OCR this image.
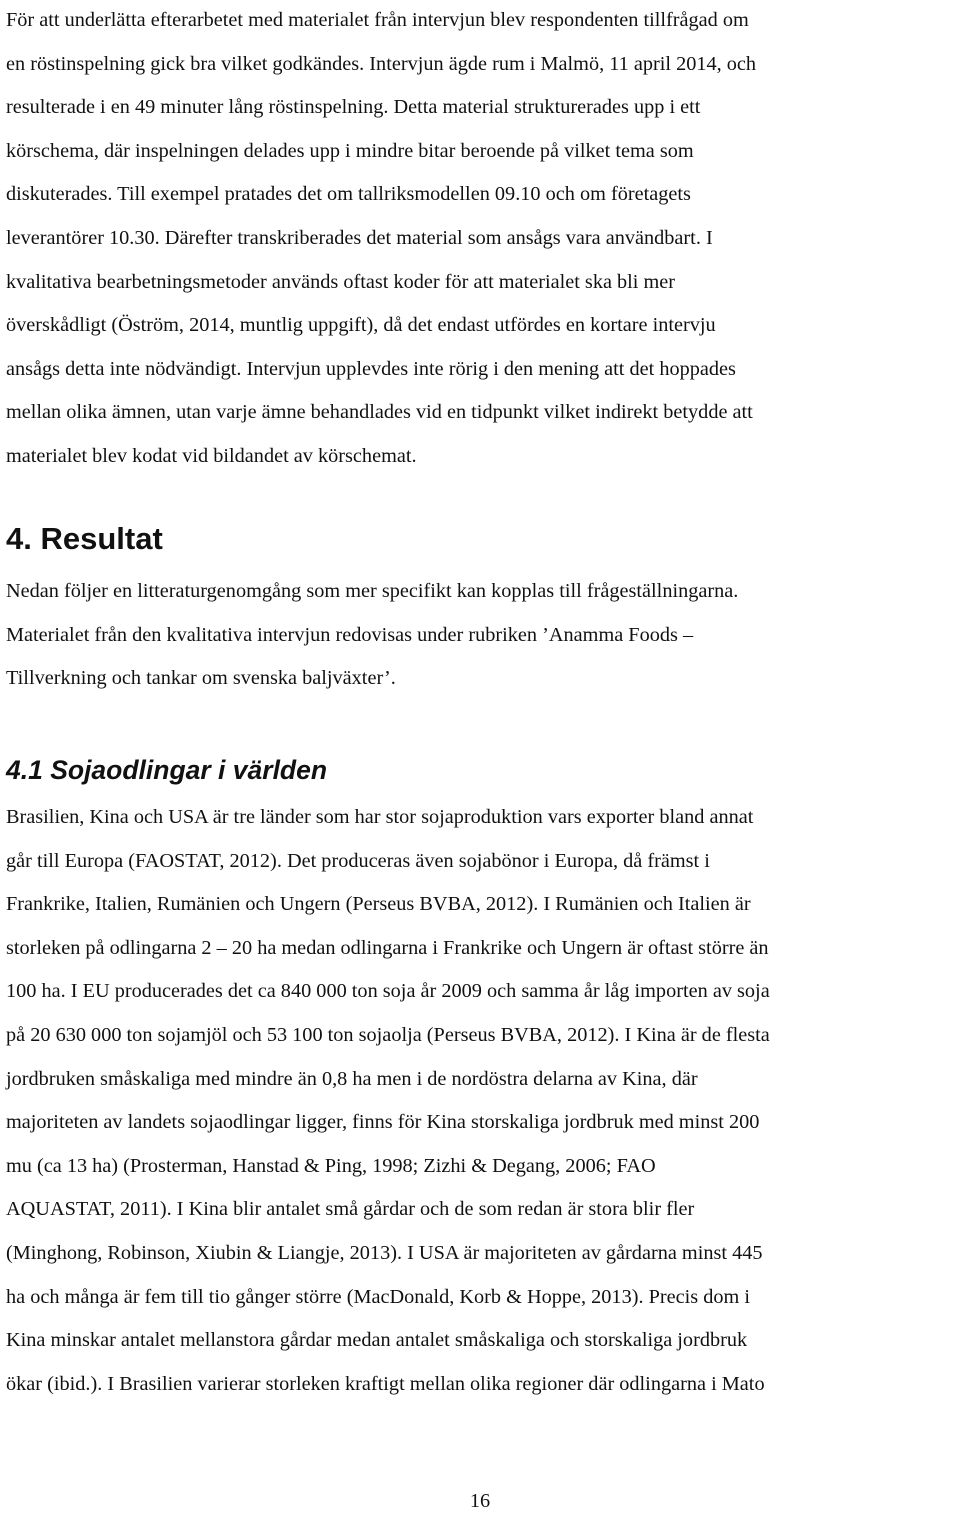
För att underlätta efterarbetet med materialet från intervjun blev respondenten tillfrågad om
en röstinspelning gick bra vilket godkändes. Intervjun ägde rum i Malmö, 11 april 2014, och
resulterade i en 49 minuter lång röstinspelning. Detta material strukturerades upp i ett
körschema, där inspelningen delades upp i mindre bitar beroende på vilket tema som
diskuterades. Till exempel pratades det om tallriksmodellen 09.10 och om företagets
leverantörer 10.30. Därefter transkriberades det material som ansågs vara användbart. I
kvalitativa bearbetningsmetoder används oftast koder för att materialet ska bli mer
överskådligt (Öström, 2014, muntlig uppgift), då det endast utfördes en kortare intervju
ansågs detta inte nödvändigt. Intervjun upplevdes inte rörig i den mening att det hoppades
mellan olika ämnen, utan varje ämne behandlades vid en tidpunkt vilket indirekt betydde att
materialet blev kodat vid bildandet av körschemat.

4. Resultat

Nedan följer en litteraturgenomgång som mer specifikt kan kopplas till frågeställningarna.
Materialet från den kvalitativa intervjun redovisas under rubriken ’Anamma Foods –
Tillverkning och tankar om svenska baljväxter’.

4.1 Sojaodlingar i världen

Brasilien, Kina och USA är tre länder som har stor sojaproduktion vars exporter bland annat
går till Europa (FAOSTAT, 2012). Det produceras även sojabönor i Europa, då främst i
Frankrike, Italien, Rumänien och Ungern (Perseus BVBA, 2012). I Rumänien och Italien är
storleken på odlingarna 2 – 20 ha medan odlingarna i Frankrike och Ungern är oftast större än
100 ha. I EU producerades det ca 840 000 ton soja år 2009 och samma år låg importen av soja
på 20 630 000 ton sojamjöl och 53 100 ton sojaolja (Perseus BVBA, 2012). I Kina är de flesta
jordbruken småskaliga med mindre än 0,8 ha men i de nordöstra delarna av Kina, där
majoriteten av landets sojaodlingar ligger, finns för Kina storskaliga jordbruk med minst 200
mu (ca 13 ha) (Prosterman, Hanstad & Ping, 1998; Zizhi & Degang, 2006; FAO
AQUASTAT, 2011). I Kina blir antalet små gårdar och de som redan är stora blir fler
(Minghong, Robinson, Xiubin & Liangje, 2013). I USA är majoriteten av gårdarna minst 445
ha och många är fem till tio gånger större (MacDonald, Korb & Hoppe, 2013). Precis dom i
Kina minskar antalet mellanstora gårdar medan antalet småskaliga och storskaliga jordbruk
ökar (ibid.). I Brasilien varierar storleken kraftigt mellan olika regioner där odlingarna i Mato

16
